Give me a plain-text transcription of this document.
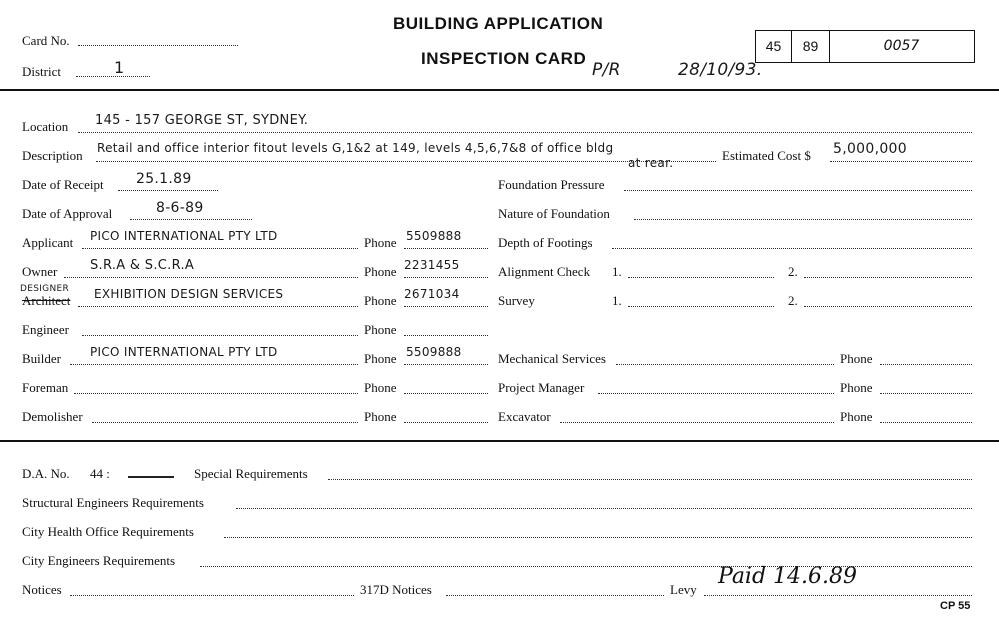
Card No.
District	1
BUILDING APPLICATION
INSPECTION CARD
P/R	28/10/93.
45	89	0057
Location 145 - 157 GEORGE ST, SYDNEY.
Description Retail and office interior fitout levels G,1&2 at 149, levels 4,5,6,7&8 of office bldg
at rear.	Estimated Cost $ 5,000,000
Date of Receipt 25.1.89	Foundation Pressure
Date of Approval	8-6-89	Nature of Foundation
Applicant PICO INTERNATIONAL PTY LTD	Phone 5509888	Depth of Footings
Owner	S.R.A & S.C.R.A	Phone 2231455	Alignment Check 1.	2.
DESIGNER
Architect EXHIBITION DESIGN SERVICES	Phone 2671034	Survey	1.	2.
Engineer	Phone
Builder PICO INTERNATIONAL PTY LTD	Phone 5509888	Mechanical Services	Phone
Foreman	Phone	Project Manager	Phone
Demolisher	Phone	Excavator	Phone
D.A. No. 44 :	Special Requirements
Structural Engineers Requirements
City Health Office Requirements
City Engineers Requirements
Notices	317D Notices	Levy
Paid 14.6.89
CP 55
